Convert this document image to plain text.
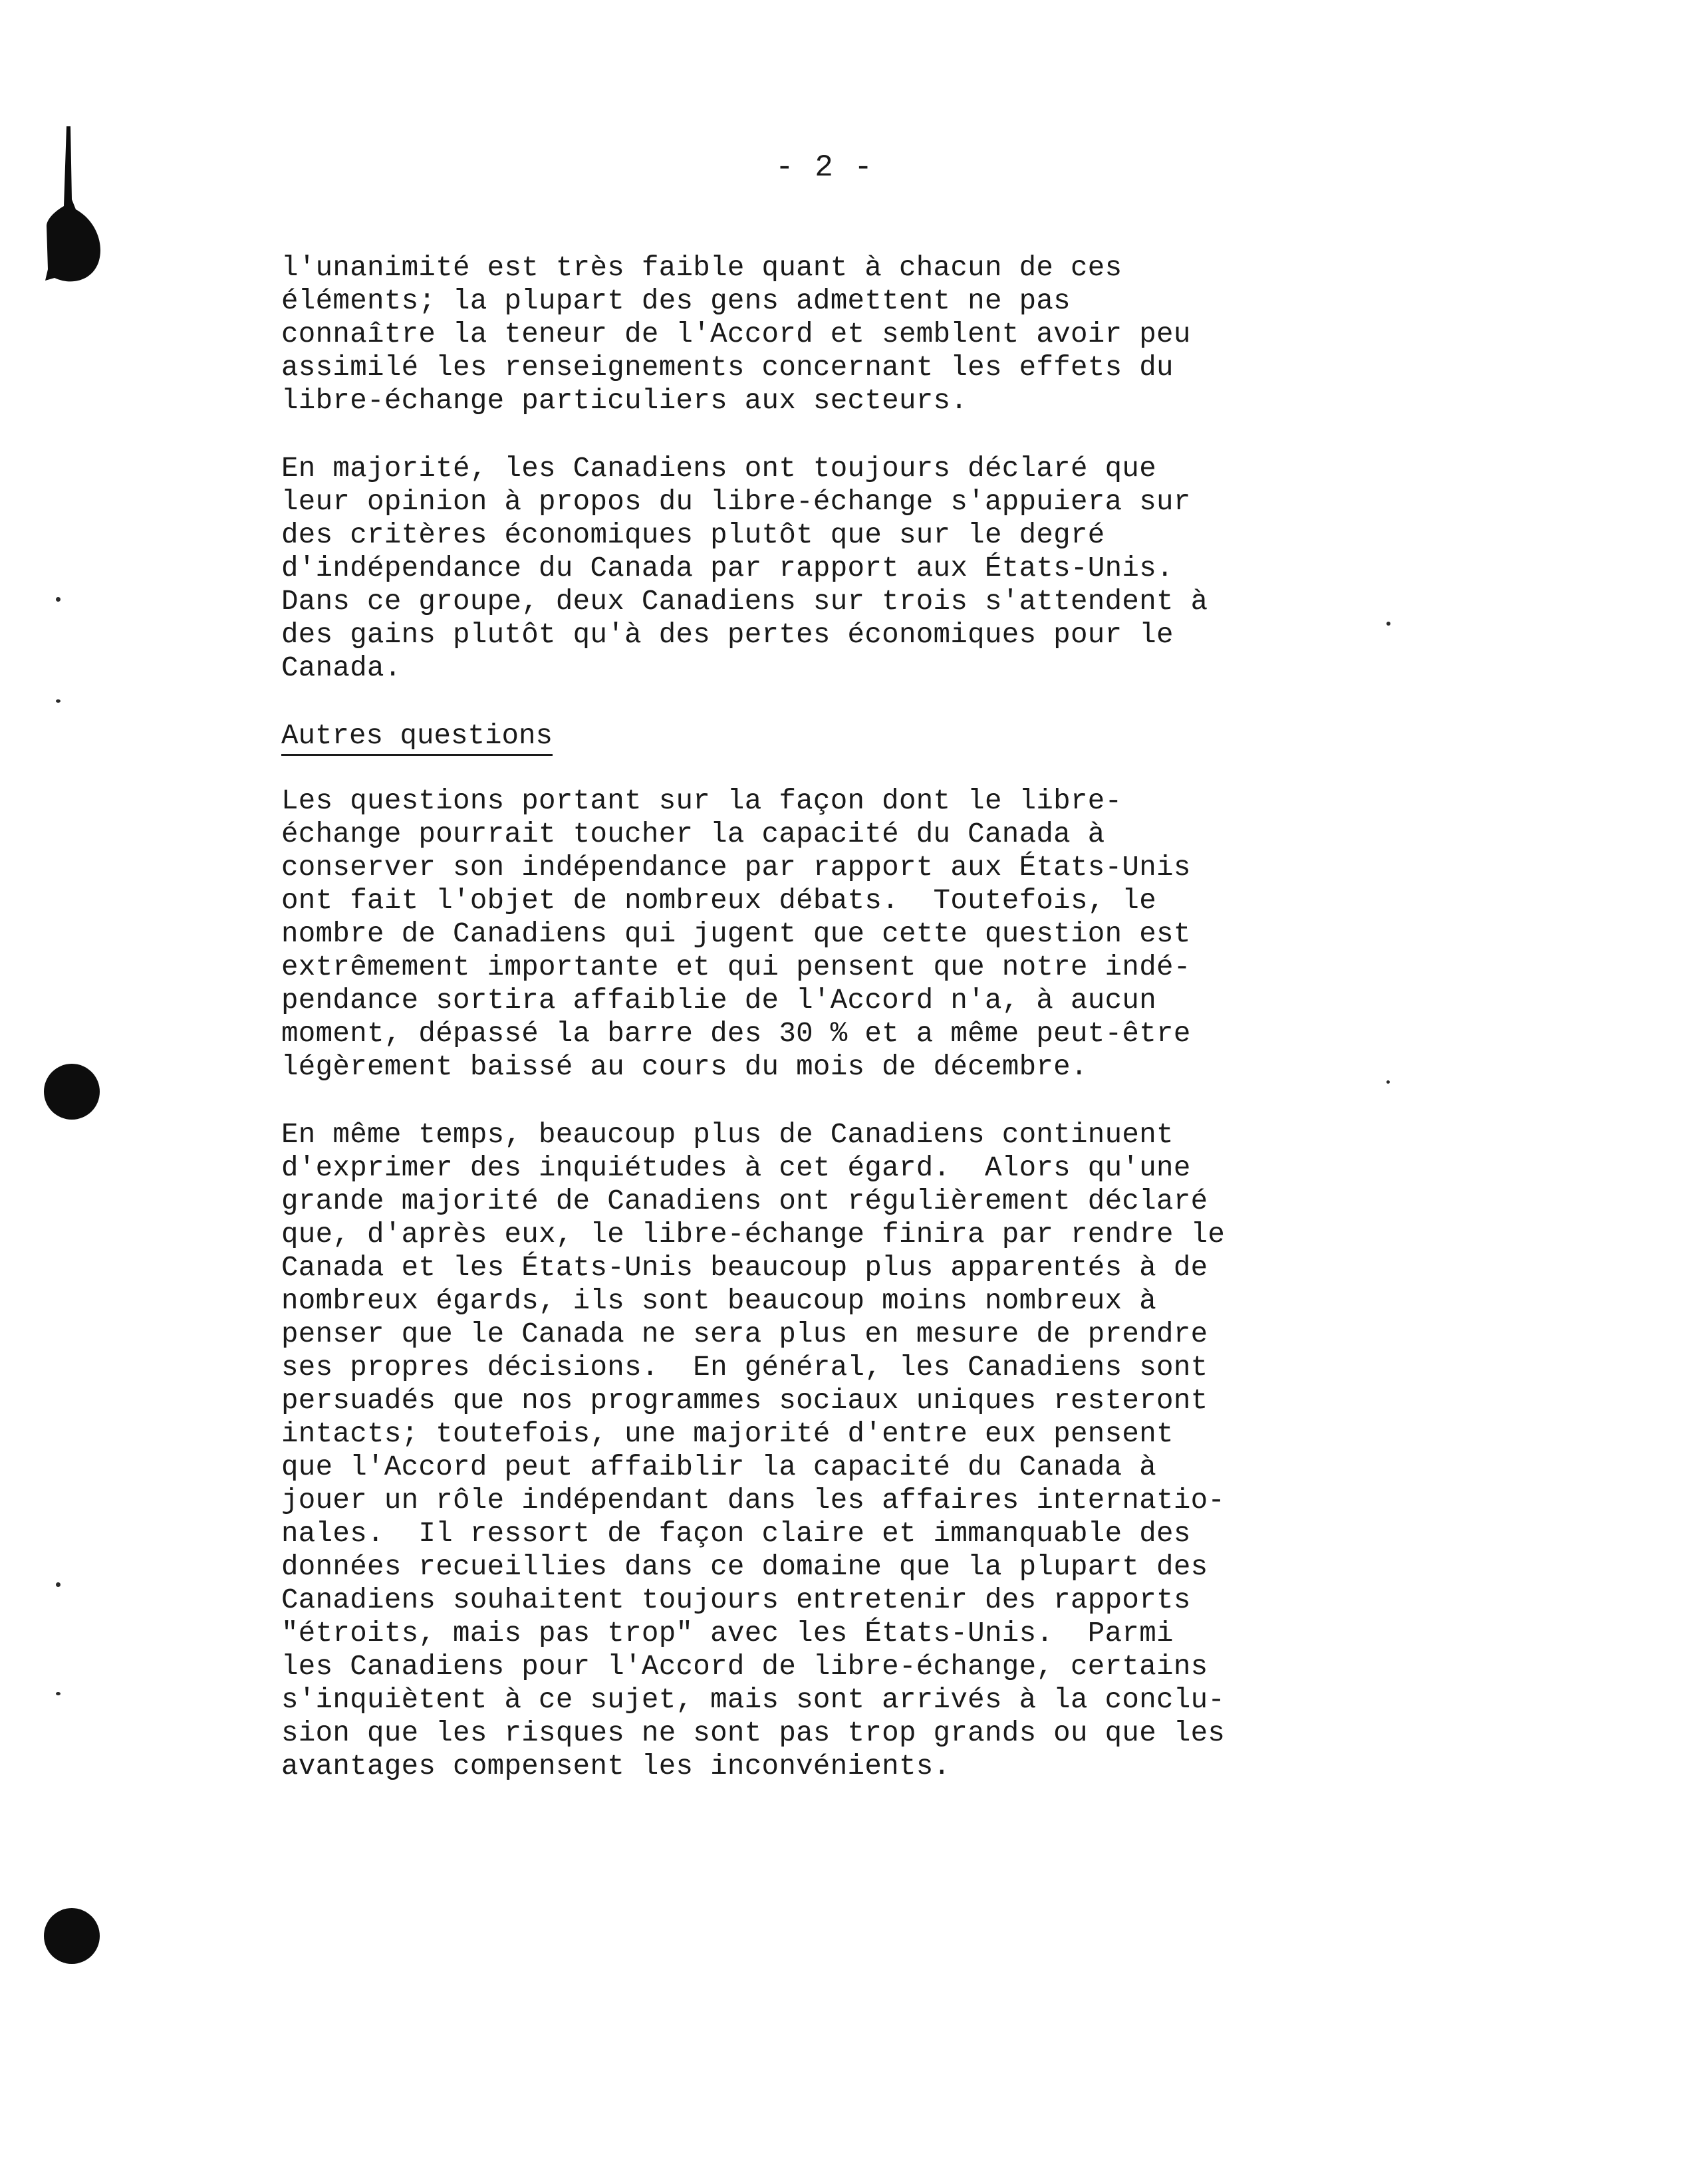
- 2 -

l'unanimité est très faible quant à chacun de ces
éléments; la plupart des gens admettent ne pas
connaître la teneur de l'Accord et semblent avoir peu
assimilé les renseignements concernant les effets du
libre-échange particuliers aux secteurs.

En majorité, les Canadiens ont toujours déclaré que
leur opinion à propos du libre-échange s'appuiera sur
des critères économiques plutôt que sur le degré
d'indépendance du Canada par rapport aux États-Unis.
Dans ce groupe, deux Canadiens sur trois s'attendent à
des gains plutôt qu'à des pertes économiques pour le
Canada.

Autres questions

Les questions portant sur la façon dont le libre-
échange pourrait toucher la capacité du Canada à
conserver son indépendance par rapport aux États-Unis
ont fait l'objet de nombreux débats.  Toutefois, le
nombre de Canadiens qui jugent que cette question est
extrêmement importante et qui pensent que notre indé-
pendance sortira affaiblie de l'Accord n'a, à aucun
moment, dépassé la barre des 30 % et a même peut-être
légèrement baissé au cours du mois de décembre.

En même temps, beaucoup plus de Canadiens continuent
d'exprimer des inquiétudes à cet égard.  Alors qu'une
grande majorité de Canadiens ont régulièrement déclaré
que, d'après eux, le libre-échange finira par rendre le
Canada et les États-Unis beaucoup plus apparentés à de
nombreux égards, ils sont beaucoup moins nombreux à
penser que le Canada ne sera plus en mesure de prendre
ses propres décisions.  En général, les Canadiens sont
persuadés que nos programmes sociaux uniques resteront
intacts; toutefois, une majorité d'entre eux pensent
que l'Accord peut affaiblir la capacité du Canada à
jouer un rôle indépendant dans les affaires internatio-
nales.  Il ressort de façon claire et immanquable des
données recueillies dans ce domaine que la plupart des
Canadiens souhaitent toujours entretenir des rapports
"étroits, mais pas trop" avec les États-Unis.  Parmi
les Canadiens pour l'Accord de libre-échange, certains
s'inquiètent à ce sujet, mais sont arrivés à la conclu-
sion que les risques ne sont pas trop grands ou que les
avantages compensent les inconvénients.
